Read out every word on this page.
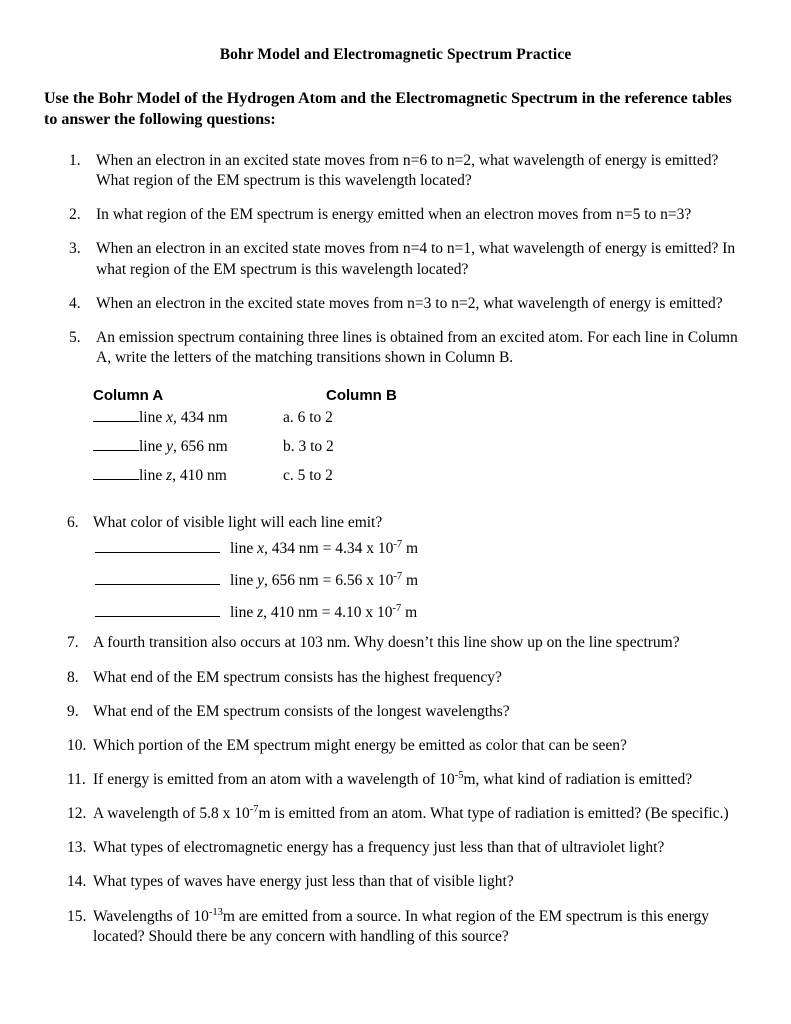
Bohr Model and Electromagnetic Spectrum Practice

Use the Bohr Model of the Hydrogen Atom and the Electromagnetic Spectrum in the reference tables to answer the following questions:

1. When an electron in an excited state moves from n=6 to n=2, what wavelength of energy is emitted? What region of the EM spectrum is this wavelength located?
2. In what region of the EM spectrum is energy emitted when an electron moves from n=5 to n=3?
3. When an electron in an excited state moves from n=4 to n=1, what wavelength of energy is emitted? In what region of the EM spectrum is this wavelength located?
4. When an electron in the excited state moves from n=3 to n=2, what wavelength of energy is emitted?
5. An emission spectrum containing three lines is obtained from an excited atom. For each line in Column A, write the letters of the matching transitions shown in Column B.
Column A	Column B
line x, 434 nm	a. 6 to 2
line y, 656 nm	b. 3 to 2
line z, 410 nm	c. 5 to 2
6. What color of visible light will each line emit?
line x, 434 nm = 4.34 x $10^{-7}$ m
line y, 656 nm = 6.56 x $10^{-7}$ m
line z, 410 nm = 4.10 x $10^{-7}$ m
7. A fourth transition also occurs at 103 nm. Why doesn’t this line show up on the line spectrum?
8. What end of the EM spectrum consists has the highest frequency?
9. What end of the EM spectrum consists of the longest wavelengths?
10. Which portion of the EM spectrum might energy be emitted as color that can be seen?
11. If energy is emitted from an atom with a wavelength of $10^{-5}m$, what kind of radiation is emitted?
12. A wavelength of 5.8 x $10^{-7}m$ is emitted from an atom. What type of radiation is emitted? (Be specific.)
13. What types of electromagnetic energy has a frequency just less than that of ultraviolet light?
14. What types of waves have energy just less than that of visible light?
15. Wavelengths of $10^{-13}m$ are emitted from a source. In what region of the EM spectrum is this energy located? Should there be any concern with handling of this source?
